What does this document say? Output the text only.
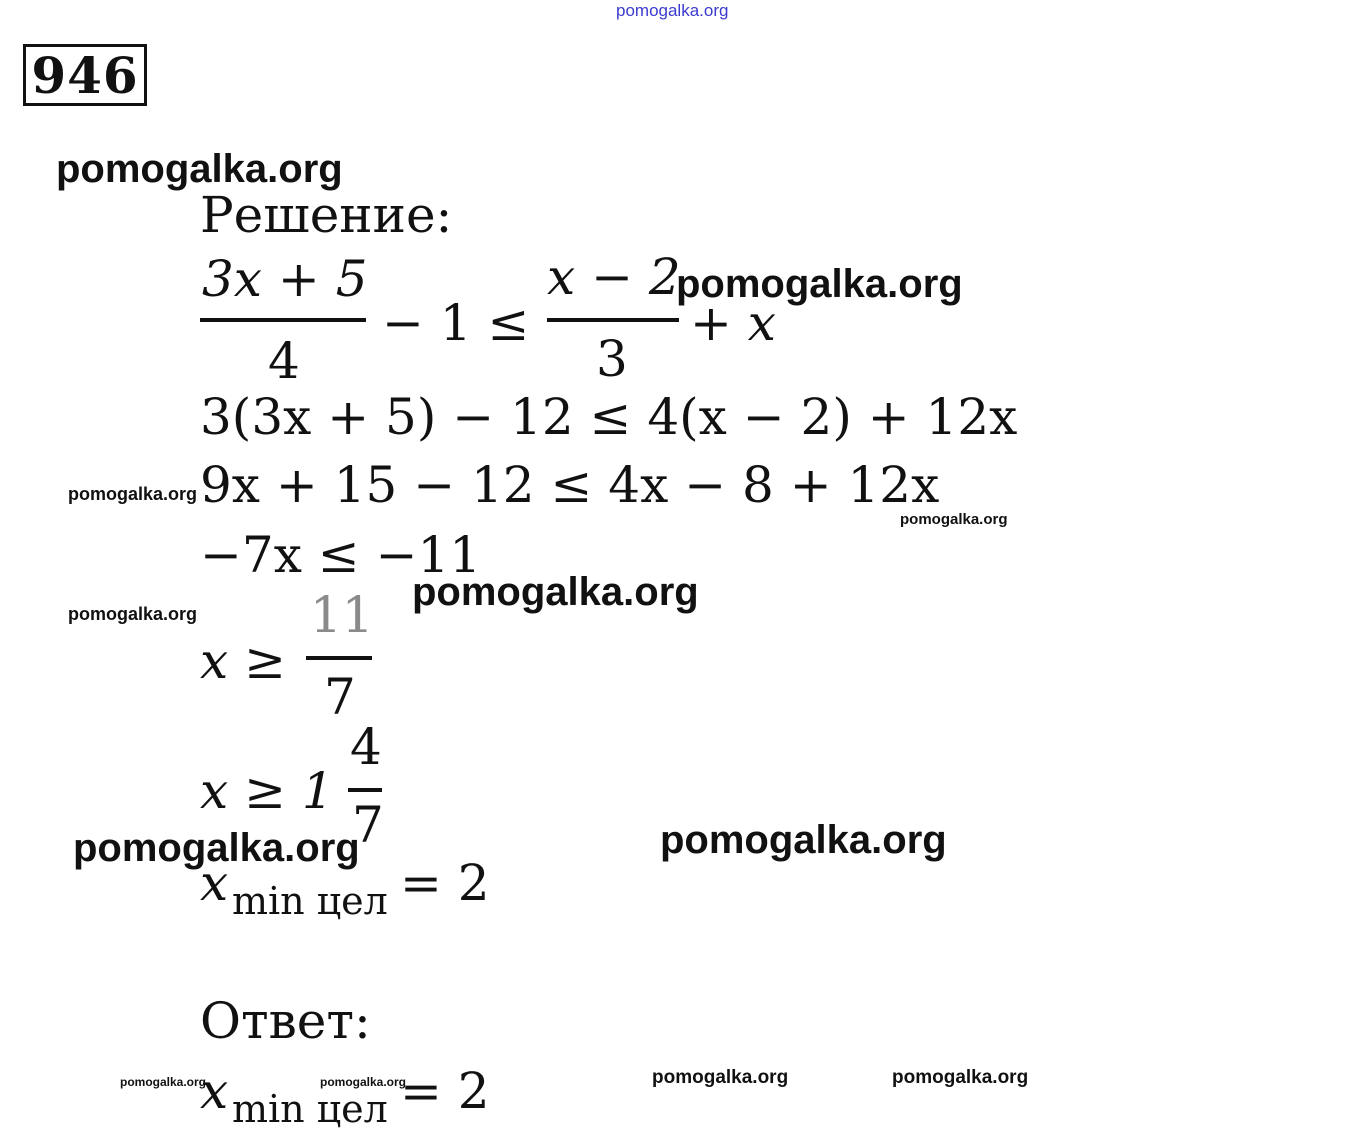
pomogalka.org
946
pomogalka.org
pomogalka.org
pomogalka.org
pomogalka.org
pomogalka.org
pomogalka.org
pomogalka.org	pomogalka.org
pomogalka.org	pomogalka.org	pomogalka.org	pomogalka.org
Решение:
3x + 5
4
− 1 ≤
x − 2
3
+ x
3(3x + 5) − 12 ≤ 4(x − 2) + 12x
9x + 15 − 12 ≤ 4x − 8 + 12x
−7x ≤ −11
x ≥
11
7
x ≥ 1
4
7
x min цел = 2
Ответ:
x min цел = 2
